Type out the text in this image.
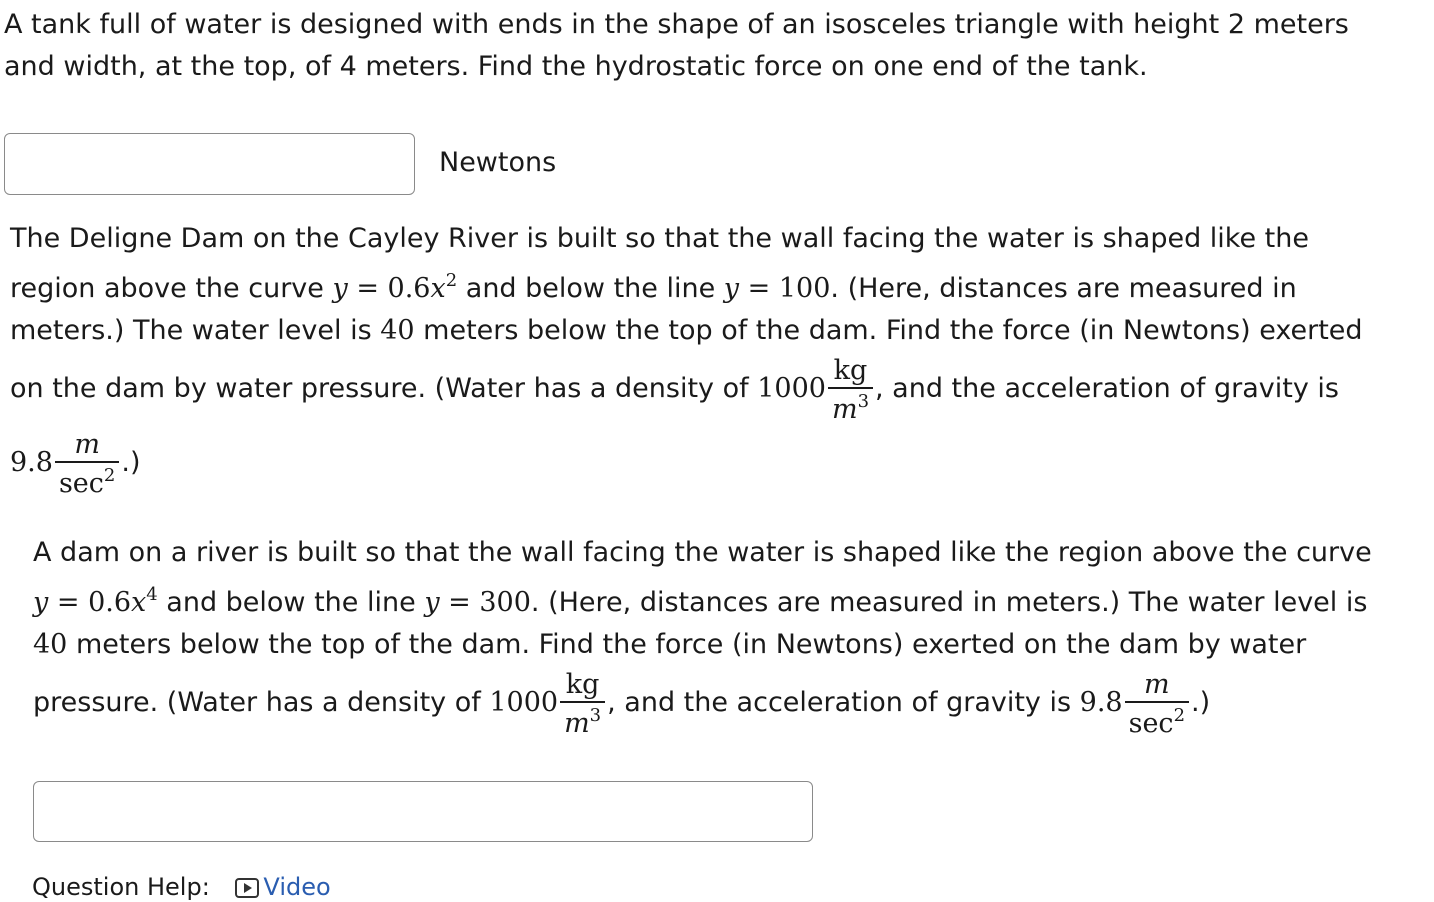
A tank full of water is designed with ends in the shape of an isosceles triangle with height 2 meters
and width, at the top, of 4 meters. Find the hydrostatic force on one end of the tank.
Newtons
The Deligne Dam on the Cayley River is built so that the wall facing the water is shaped like the
region above the curve $y = 0.6x^2$ and below the line y = 100. (Here, distances are measured in
meters.) The water level is 40 meters below the top of the dam. Find the force (in Newtons) exerted
on the dam by water pressure. (Water has a density of $1000 \frac{kg}{m^3}$ , and the acceleration of gravity is
$9.8 \frac{m}{\sec^2}$ .)
A dam on a river is built so that the wall facing the water is shaped like the region above the curve
$y = 0.6x^4$ and below the line y = 300. (Here, distances are measured in meters.) The water level is
40 meters below the top of the dam. Find the force (in Newtons) exerted on the dam by water
pressure. (Water has a density of $1000 \frac{kg}{m^3}$ , and the acceleration of gravity is $9.8 \frac{m}{\sec^2}$ .)
Question Help: Video
